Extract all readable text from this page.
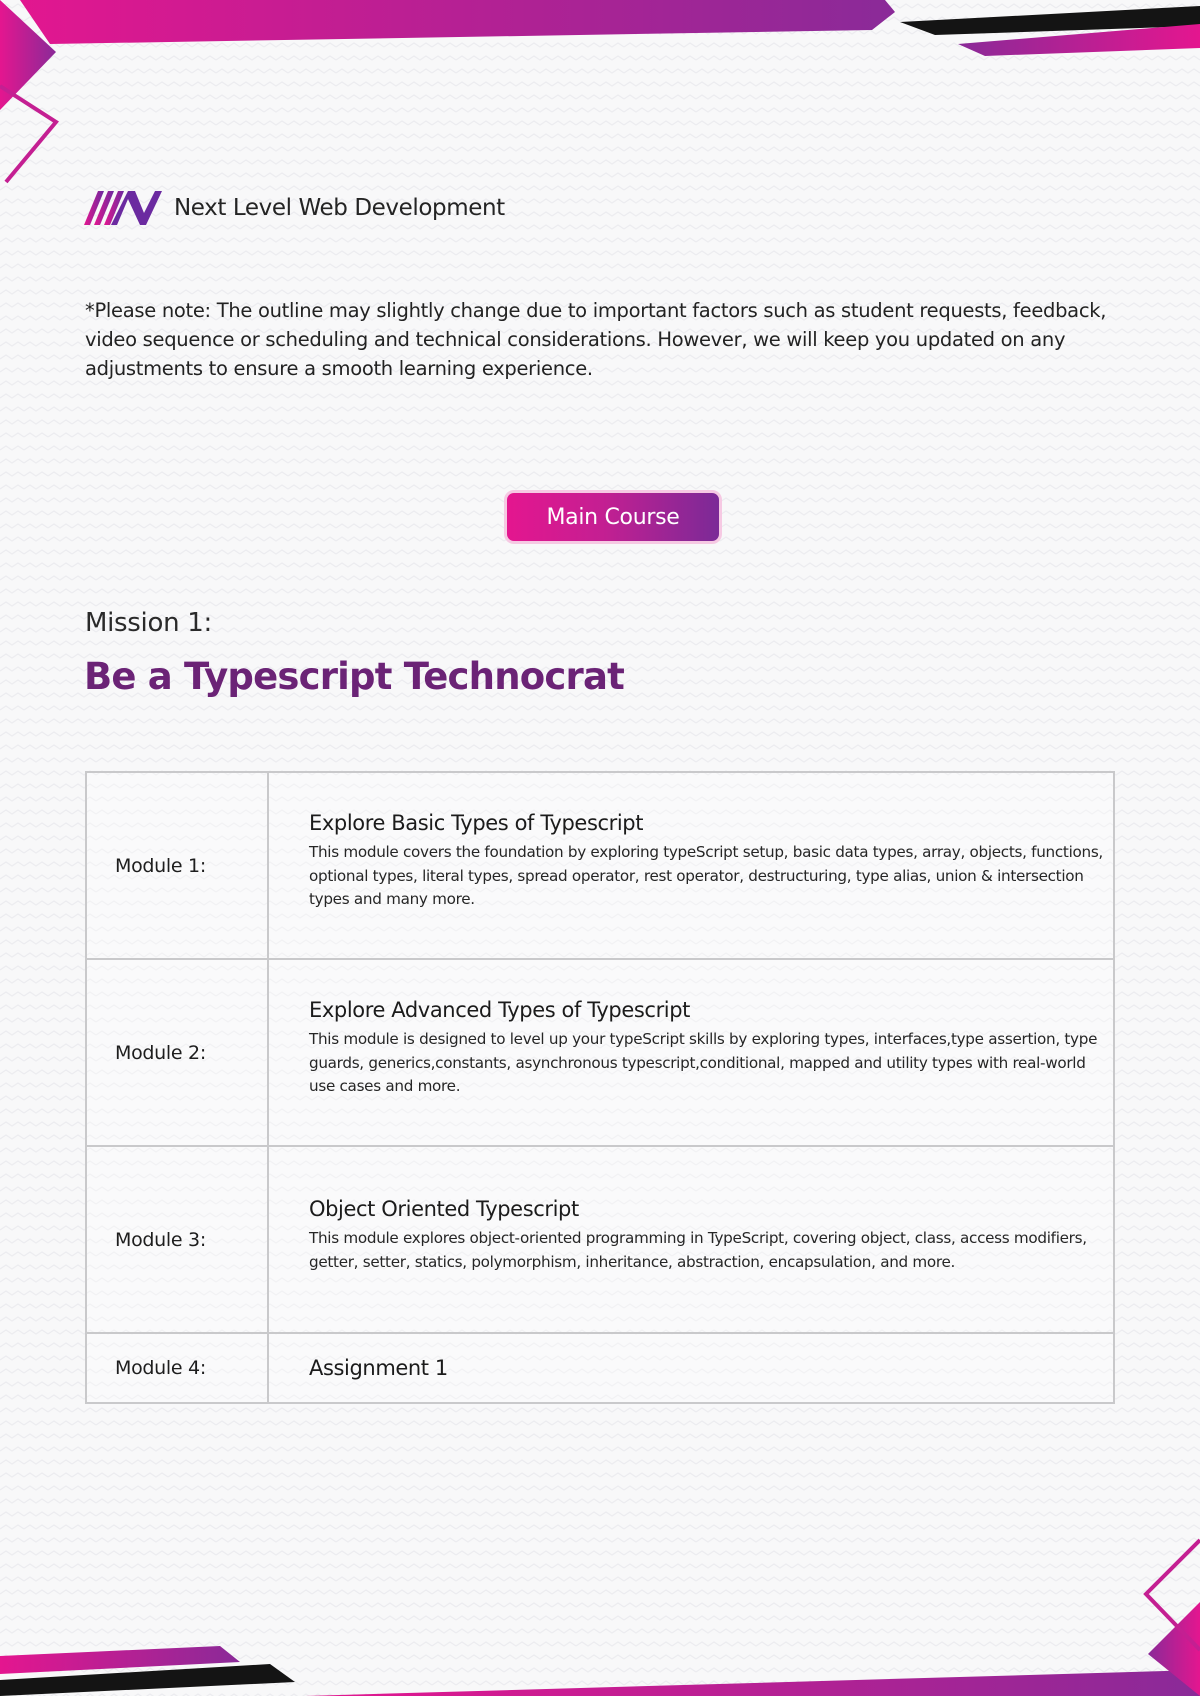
Next Level Web Development

*Please note: The outline may slightly change due to important factors such as student requests, feedback, video sequence or scheduling and technical considerations. However, we will keep you updated on any adjustments to ensure a smooth learning experience.

Main Course
Mission 1:
Be a Typescript Technocrat
Module 1:	Explore Basic Types of Typescript
This module covers the foundation by exploring typeScript setup, basic data types, array, objects, functions, optional types, literal types, spread operator, rest operator, destructuring, type alias, union & intersection types and many more.

Module 2:	Explore Advanced Types of Typescript
This module is designed to level up your typeScript skills by exploring types, interfaces,type assertion, type guards, generics,constants, asynchronous typescript,conditional, mapped and utility types with real-world use cases and more.

Module 3:	Object Oriented Typescript
This module explores object-oriented programming in TypeScript, covering object, class, access modifiers, getter, setter, statics, polymorphism, inheritance, abstraction, encapsulation, and more.

Module 4:	Assignment 1
